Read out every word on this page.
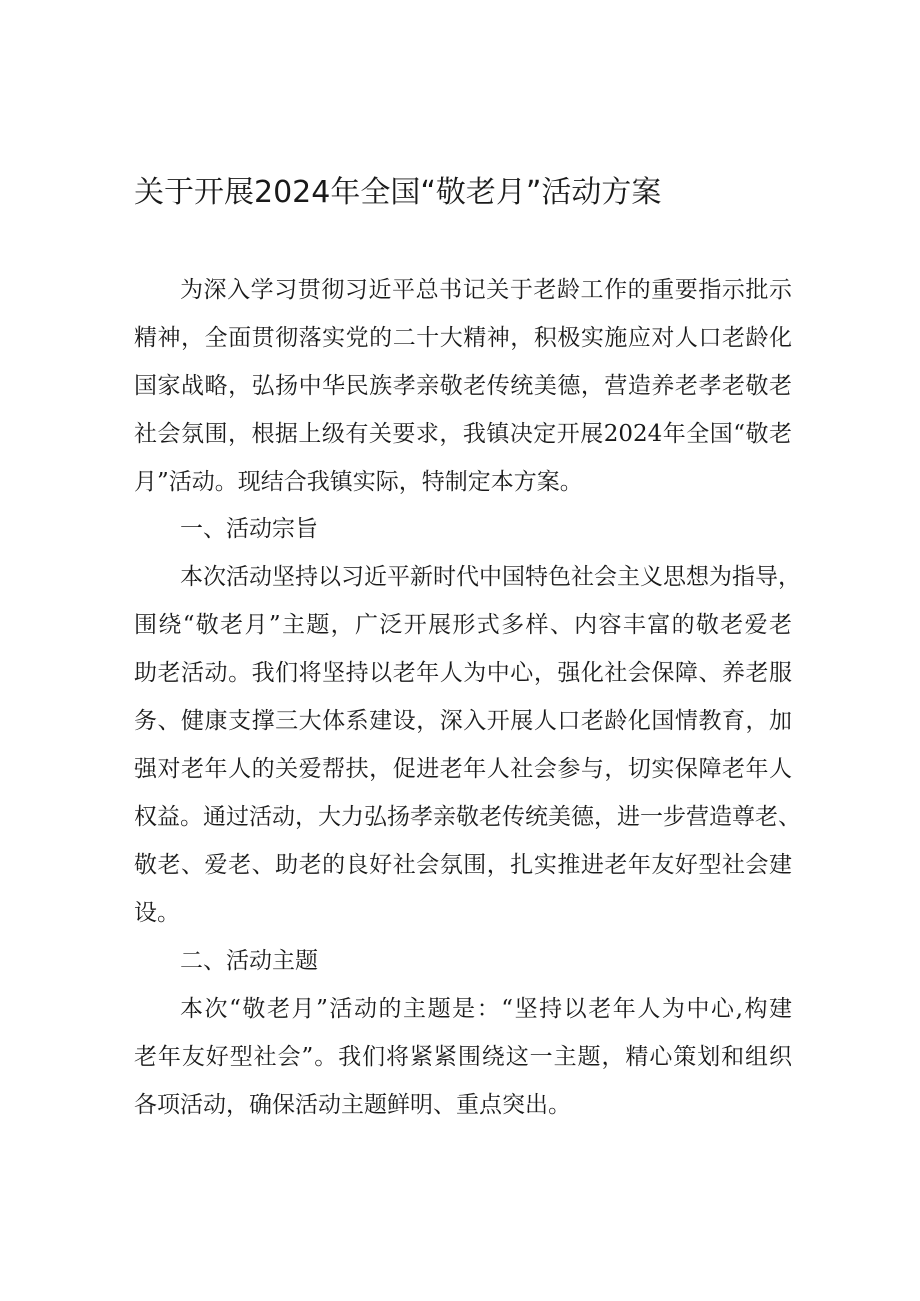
关于开展2024年全国“敬老月”活动方案
为深入学习贯彻习近平总书记关于老龄工作的重要指示批示
精神，全面贯彻落实党的二十大精神，积极实施应对人口老龄化
国家战略，弘扬中华民族孝亲敬老传统美德，营造养老孝老敬老
社会氛围，根据上级有关要求，我镇决定开展2024年全国“敬老
月”活动。现结合我镇实际，特制定本方案。
一、活动宗旨
本次活动坚持以习近平新时代中国特色社会主义思想为指导，
围绕“敬老月”主题，广泛开展形式多样、内容丰富的敬老爱老
助老活动。我们将坚持以老年人为中心，强化社会保障、养老服
务、健康支撑三大体系建设，深入开展人口老龄化国情教育，加
强对老年人的关爱帮扶，促进老年人社会参与，切实保障老年人
权益。通过活动，大力弘扬孝亲敬老传统美德，进一步营造尊老、
敬老、爱老、助老的良好社会氛围，扎实推进老年友好型社会建
设。
二、活动主题
本次“敬老月”活动的主题是：“坚持以老年人为中心,构建
老年友好型社会”。我们将紧紧围绕这一主题，精心策划和组织
各项活动，确保活动主题鲜明、重点突出。
